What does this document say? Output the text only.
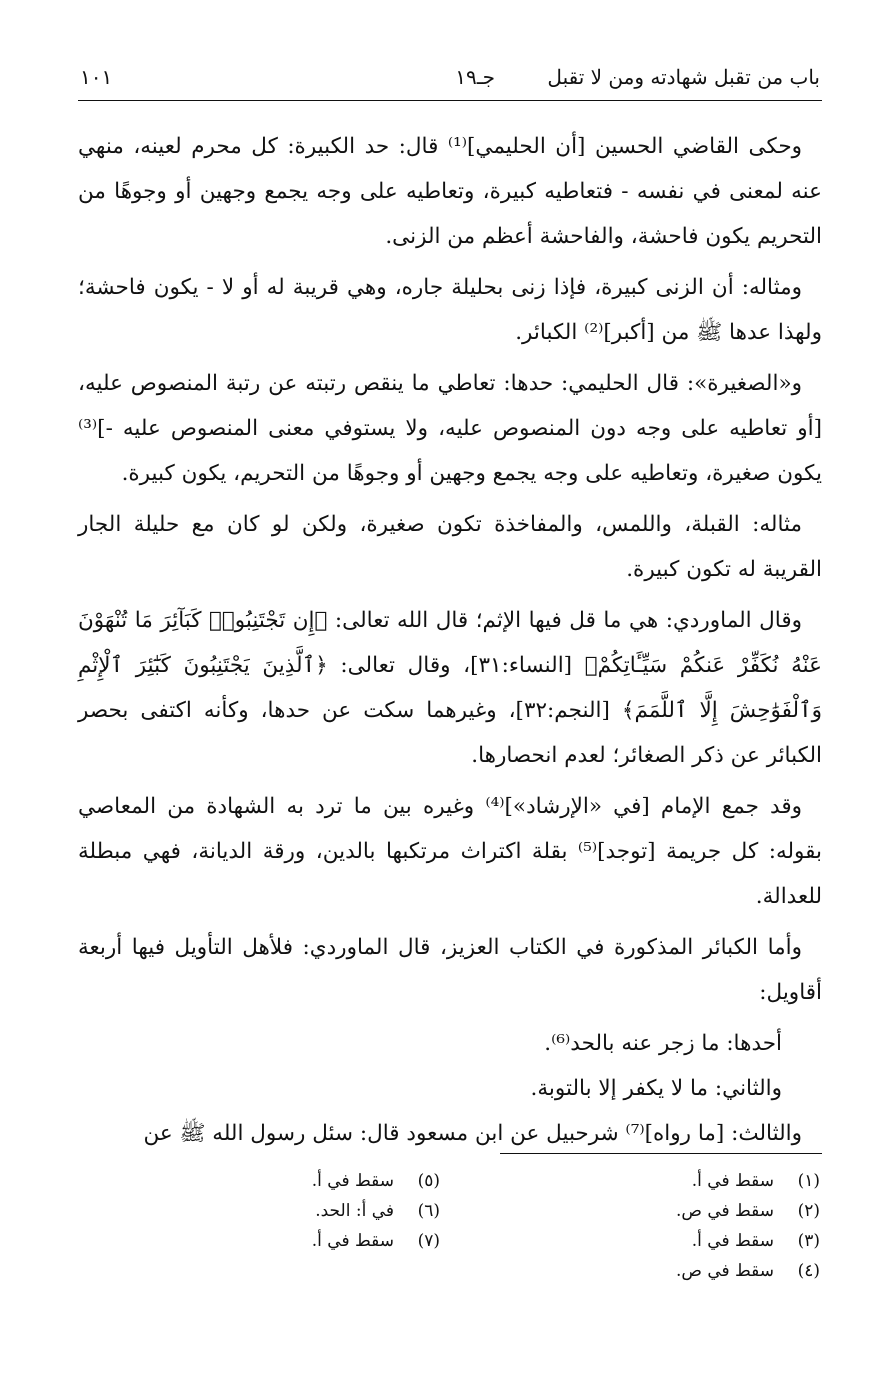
باب من تقبل شهادته ومن لا تقبل
جـ١٩
١٠١

وحكى القاضي الحسين [أن الحليمي]⁽¹⁾ قال: حد الكبيرة: كل محرم لعينه، منهي عنه لمعنى في نفسه - فتعاطيه كبيرة، وتعاطيه على وجه يجمع وجهين أو وجوهًا من التحريم يكون فاحشة، والفاحشة أعظم من الزنى.

ومثاله: أن الزنى كبيرة، فإذا زنى بحليلة جاره، وهي قريبة له أو لا - يكون فاحشة؛ ولهذا عدها ﷺ من [أكبر]⁽²⁾ الكبائر.

و«الصغيرة»: قال الحليمي: حدها: تعاطي ما ينقص رتبته عن رتبة المنصوص عليه، [أو تعاطيه على وجه دون المنصوص عليه، ولا يستوفي معنى المنصوص عليه -]⁽³⁾ يكون صغيرة، وتعاطيه على وجه يجمع وجهين أو وجوهًا من التحريم، يكون كبيرة.

مثاله: القبلة، واللمس، والمفاخذة تكون صغيرة، ولكن لو كان مع حليلة الجار القريبة له تكون كبيرة.

وقال الماوردي: هي ما قل فيها الإثم؛ قال الله تعالى: ﴿إِن تَجْتَنِبُوا۟ كَبَآئِرَ مَا تُنْهَوْنَ عَنْهُ نُكَفِّرْ عَنكُمْ سَيِّـَٔاتِكُمْ﴾ [النساء:٣١]، وقال تعالى: ﴿ٱلَّذِينَ يَجْتَنِبُونَ كَبَٰٓئِرَ ٱلْإِثْمِ وَٱلْفَوَٰحِشَ إِلَّا ٱللَّمَمَ﴾ [النجم:٣٢]، وغيرهما سكت عن حدها، وكأنه اكتفى بحصر الكبائر عن ذكر الصغائر؛ لعدم انحصارها.

وقد جمع الإمام [في «الإرشاد»]⁽⁴⁾ وغيره بين ما ترد به الشهادة من المعاصي بقوله: كل جريمة [توجد]⁽⁵⁾ بقلة اكتراث مرتكبها بالدين، ورقة الديانة، فهي مبطلة للعدالة.

وأما الكبائر المذكورة في الكتاب العزيز، قال الماوردي: فلأهل التأويل فيها أربعة أقاويل:

أحدها: ما زجر عنه بالحد⁽⁶⁾.

والثاني: ما لا يكفر إلا بالتوبة.

والثالث: [ما رواه]⁽⁷⁾ شرحبيل عن ابن مسعود قال: سئل رسول الله ﷺ عن

(١)سقط في أ.
(٢)سقط في ص.
(٣)سقط في أ.
(٤)سقط في ص.
(٥)سقط في أ.
(٦)في أ: الحد.
(٧)سقط في أ.
